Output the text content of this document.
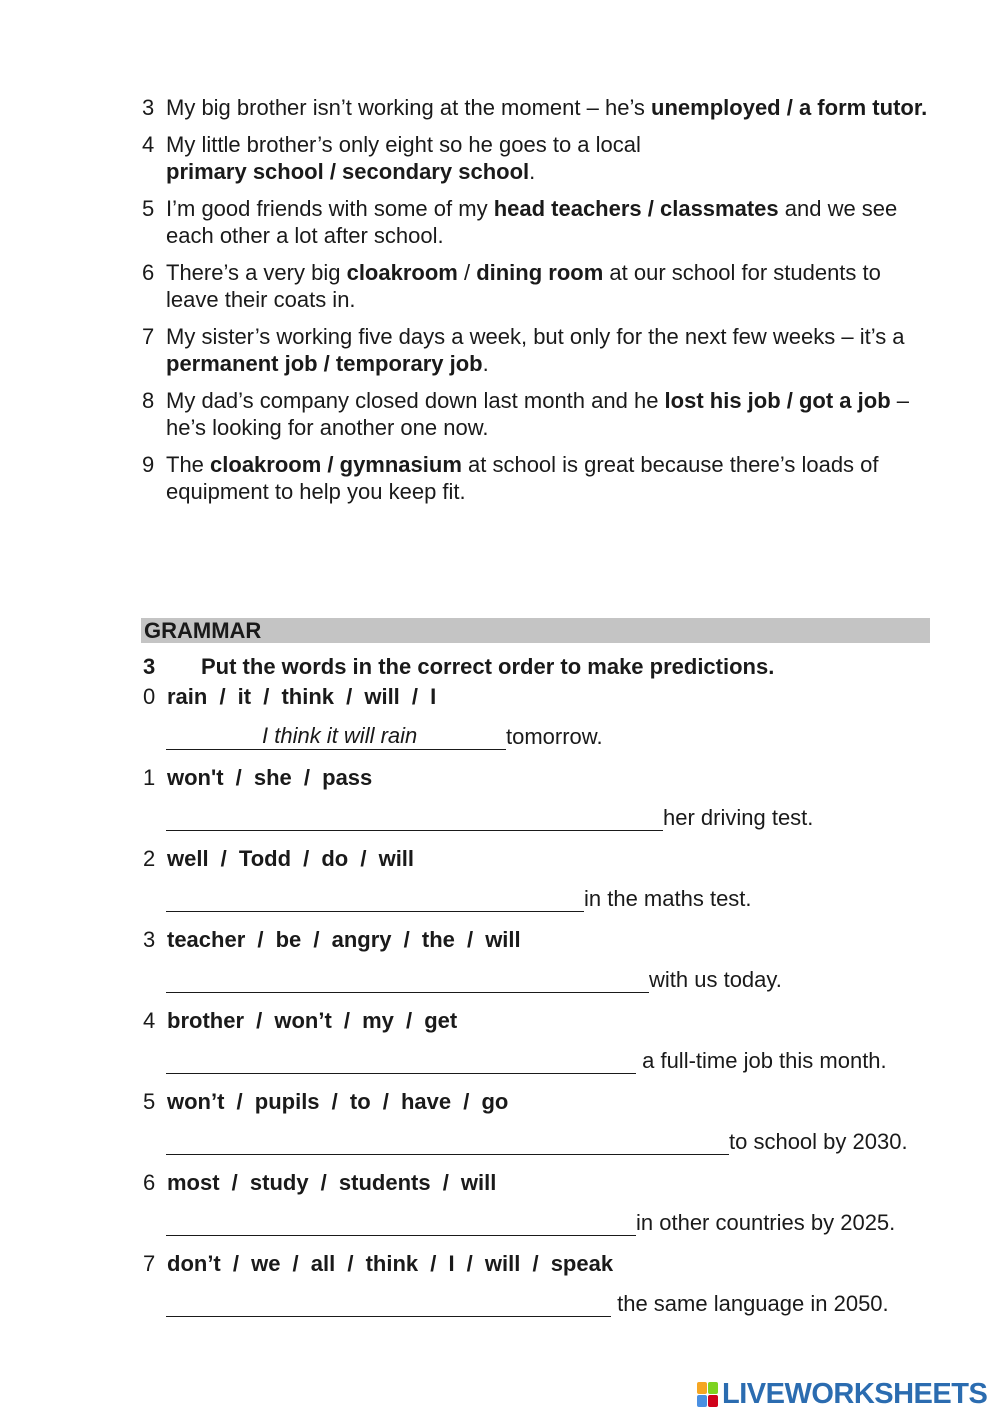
3 My big brother isn’t working at the moment – he’s unemployed / a form tutor.
4 My little brother’s only eight so he goes to a local
primary school / secondary school.
5 I’m good friends with some of my head teachers / classmates and we see each other a lot after school.
6 There’s a very big cloakroom / dining room at our school for students to leave their coats in.
7 My sister’s working five days a week, but only for the next few weeks – it’s a permanent job / temporary job.
8 My dad’s company closed down last month and he lost his job / got a job – he’s looking for another one now.
9 The cloakroom / gymnasium at school is great because there’s loads of equipment to help you keep fit.
GRAMMAR
3 Put the words in the correct order to make predictions.
0 rain / it / think / will / I
I think it will rain	tomorrow.
1 won't / she / pass
her driving test.
2 well / Todd / do / will
in the maths test.
3 teacher / be / angry / the / will
with us today.
4 brother / won’t / my / get
a full-time job this month.
5 won’t / pupils / to / have / go
to school by 2030.
6 most / study / students / will
in other countries by 2025.
7 don’t / we / all / think / I / will / speak
the same language in 2050.
LIVEWORKSHEETS
